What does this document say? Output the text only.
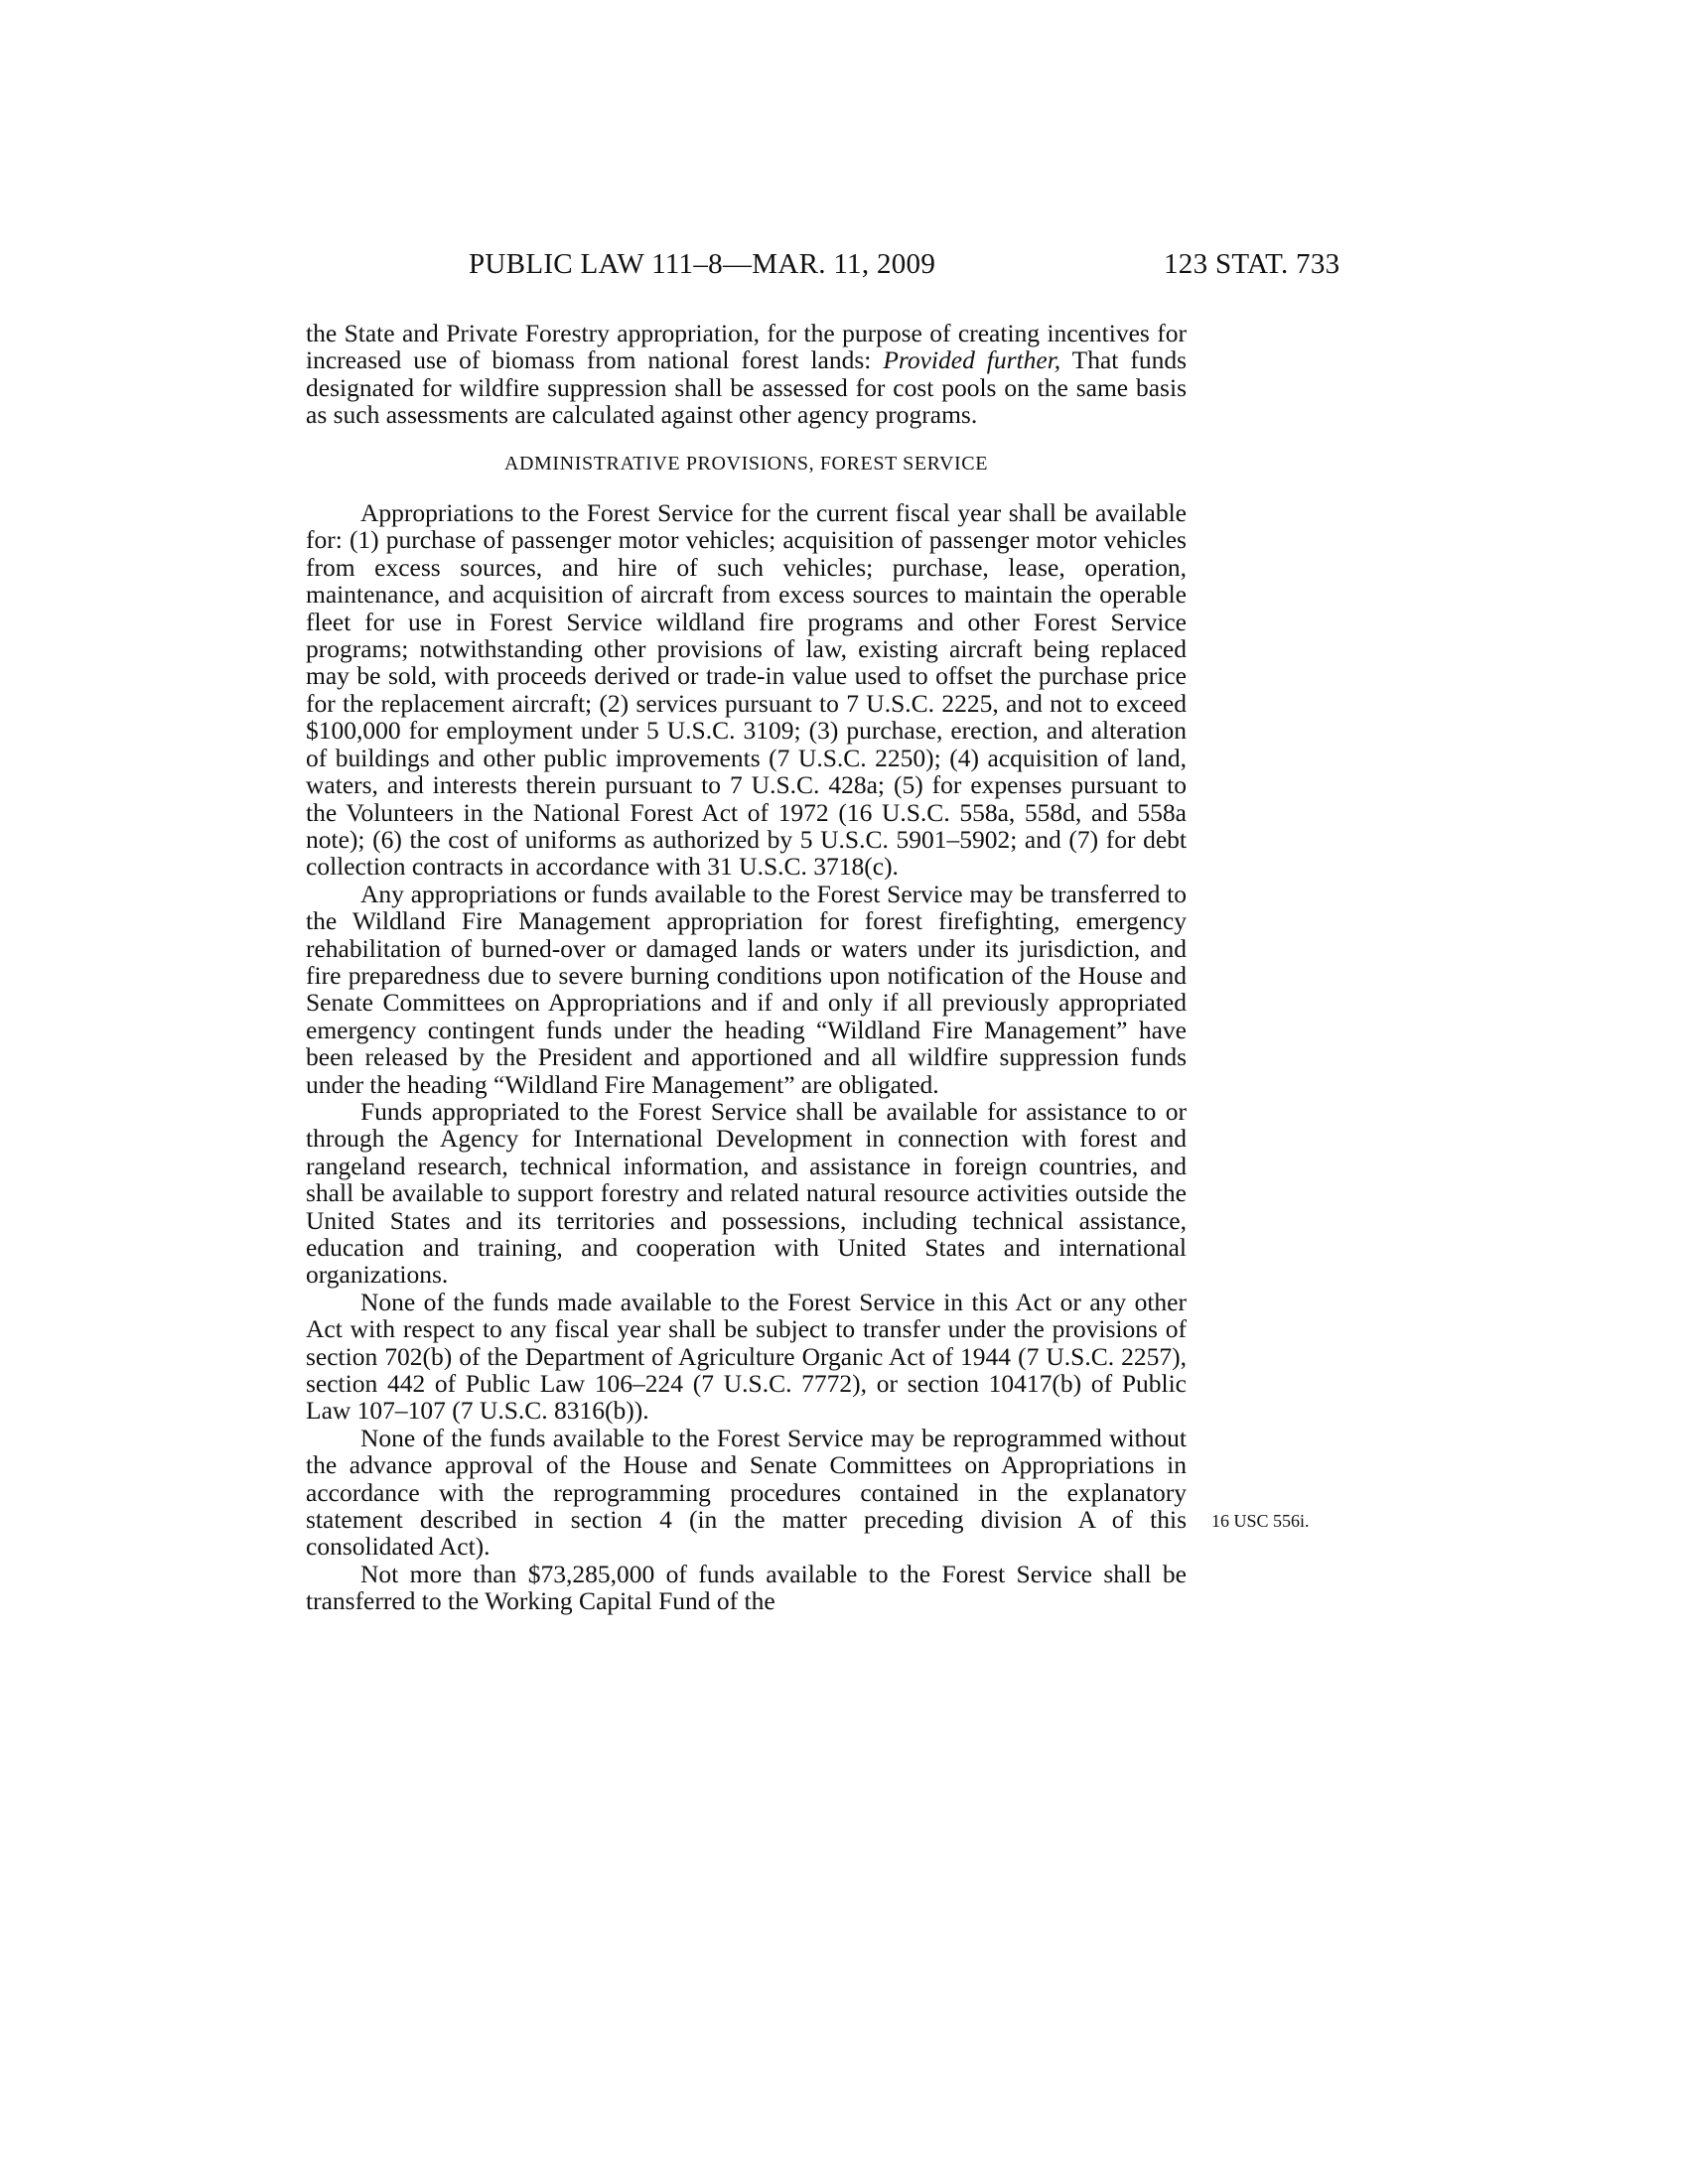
PUBLIC LAW 111–8—MAR. 11, 2009	123 STAT. 733

the State and Private Forestry appropriation, for the purpose of creating incentives for increased use of biomass from national forest lands: Provided further, That funds designated for wildfire suppression shall be assessed for cost pools on the same basis as such assessments are calculated against other agency programs.

ADMINISTRATIVE PROVISIONS, FOREST SERVICE

Appropriations to the Forest Service for the current fiscal year shall be available for: (1) purchase of passenger motor vehicles; acquisition of passenger motor vehicles from excess sources, and hire of such vehicles; purchase, lease, operation, maintenance, and acquisition of aircraft from excess sources to maintain the operable fleet for use in Forest Service wildland fire programs and other Forest Service programs; notwithstanding other provisions of law, existing aircraft being replaced may be sold, with proceeds derived or trade-in value used to offset the purchase price for the replacement aircraft; (2) services pursuant to 7 U.S.C. 2225, and not to exceed $100,000 for employment under 5 U.S.C. 3109; (3) purchase, erection, and alteration of buildings and other public improvements (7 U.S.C. 2250); (4) acquisition of land, waters, and interests therein pursuant to 7 U.S.C. 428a; (5) for expenses pursuant to the Volunteers in the National Forest Act of 1972 (16 U.S.C. 558a, 558d, and 558a note); (6) the cost of uniforms as authorized by 5 U.S.C. 5901–5902; and (7) for debt collection contracts in accordance with 31 U.S.C. 3718(c).

Any appropriations or funds available to the Forest Service may be transferred to the Wildland Fire Management appropriation for forest firefighting, emergency rehabilitation of burned-over or damaged lands or waters under its jurisdiction, and fire preparedness due to severe burning conditions upon notification of the House and Senate Committees on Appropriations and if and only if all previously appropriated emergency contingent funds under the heading “Wildland Fire Management” have been released by the President and apportioned and all wildfire suppression funds under the heading “Wildland Fire Management” are obligated.

Funds appropriated to the Forest Service shall be available for assistance to or through the Agency for International Development in connection with forest and rangeland research, technical information, and assistance in foreign countries, and shall be available to support forestry and related natural resource activities outside the United States and its territories and possessions, including technical assistance, education and training, and cooperation with United States and international organizations.

None of the funds made available to the Forest Service in this Act or any other Act with respect to any fiscal year shall be subject to transfer under the provisions of section 702(b) of the Department of Agriculture Organic Act of 1944 (7 U.S.C. 2257), section 442 of Public Law 106–224 (7 U.S.C. 7772), or section 10417(b) of Public Law 107–107 (7 U.S.C. 8316(b)).

None of the funds available to the Forest Service may be reprogrammed without the advance approval of the House and Senate Committees on Appropriations in accordance with the reprogramming procedures contained in the explanatory statement described in section 4 (in the matter preceding division A of this consolidated Act).

Not more than $73,285,000 of funds available to the Forest Service shall be transferred to the Working Capital Fund of the

16 USC 556i.
